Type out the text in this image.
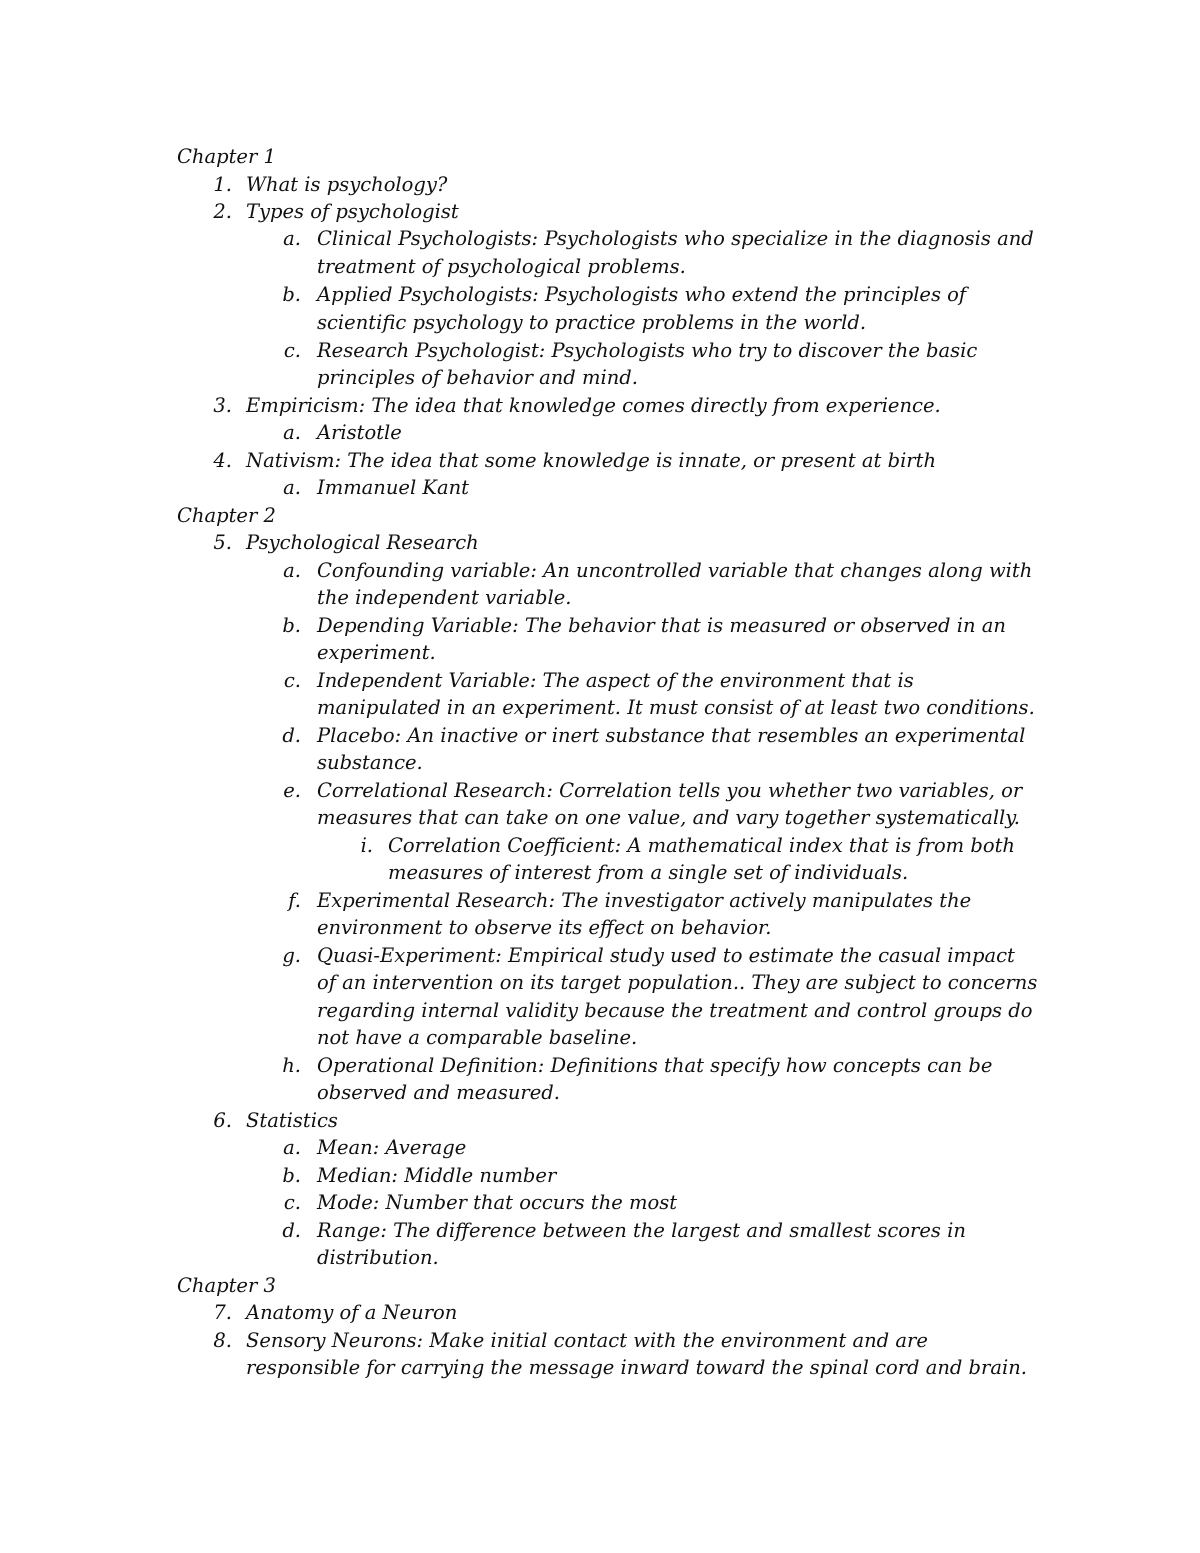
Chapter 1
1. What is psychology?
2. Types of psychologist
a. Clinical Psychologists: Psychologists who specialize in the diagnosis and
treatment of psychological problems.
b. Applied Psychologists: Psychologists who extend the principles of
scientific psychology to practice problems in the world.
c. Research Psychologist: Psychologists who try to discover the basic
principles of behavior and mind.
3. Empiricism: The idea that knowledge comes directly from experience.
a. Aristotle
4. Nativism: The idea that some knowledge is innate, or present at birth
a. Immanuel Kant
Chapter 2
5. Psychological Research
a. Confounding variable: An uncontrolled variable that changes along with
the independent variable.
b. Depending Variable: The behavior that is measured or observed in an
experiment.
c. Independent Variable: The aspect of the environment that is
manipulated in an experiment. It must consist of at least two conditions.
d. Placebo: An inactive or inert substance that resembles an experimental
substance.
e. Correlational Research: Correlation tells you whether two variables, or
measures that can take on one value, and vary together systematically.
i. Correlation Coefficient: A mathematical index that is from both
measures of interest from a single set of individuals.
f. Experimental Research: The investigator actively manipulates the
environment to observe its effect on behavior.
g. Quasi-Experiment: Empirical study used to estimate the casual impact
of an intervention on its target population.. They are subject to concerns
regarding internal validity because the treatment and control groups do
not have a comparable baseline.
h. Operational Definition: Definitions that specify how concepts can be
observed and measured.
6. Statistics
a. Mean: Average
b. Median: Middle number
c. Mode: Number that occurs the most
d. Range: The difference between the largest and smallest scores in
distribution.
Chapter 3
7. Anatomy of a Neuron
8. Sensory Neurons: Make initial contact with the environment and are
responsible for carrying the message inward toward the spinal cord and brain.
